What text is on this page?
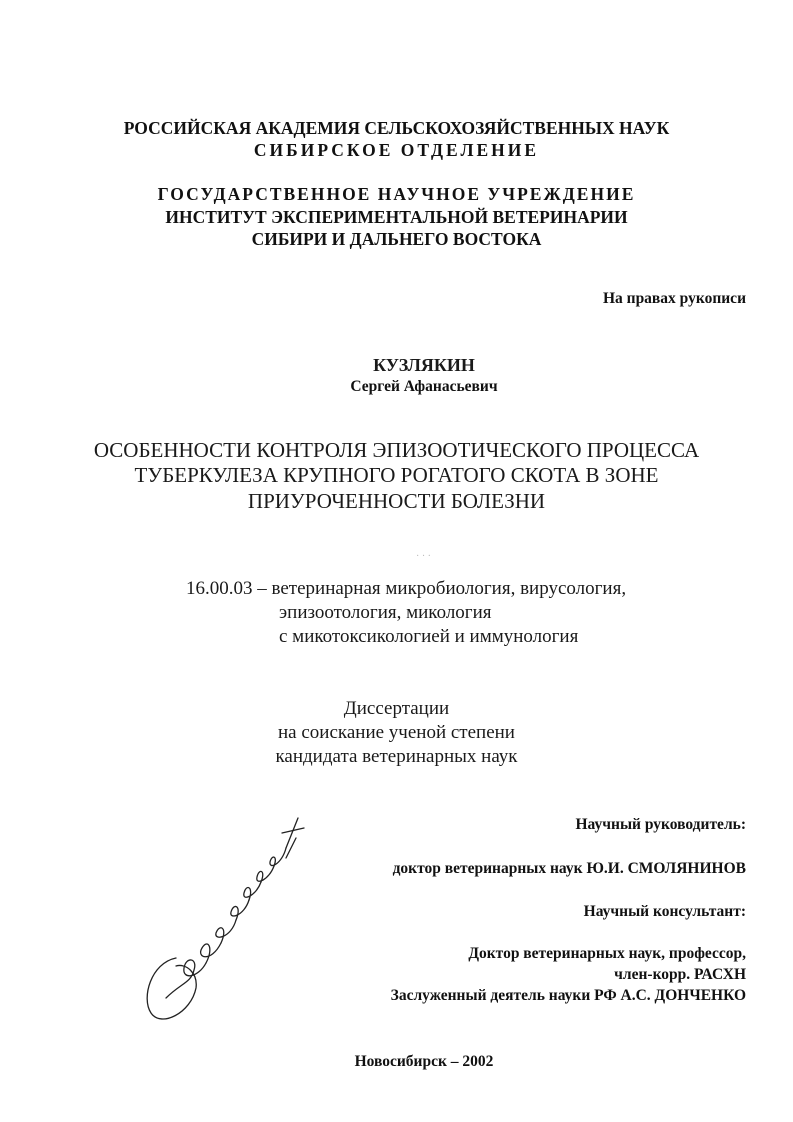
РОССИЙСКАЯ АКАДЕМИЯ СЕЛЬСКОХОЗЯЙСТВЕННЫХ НАУК
СИБИРСКОЕ ОТДЕЛЕНИЕ
ГОСУДАРСТВЕННОЕ НАУЧНОЕ УЧРЕЖДЕНИЕ
ИНСТИТУТ ЭКСПЕРИМЕНТАЛЬНОЙ ВЕТЕРИНАРИИ
СИБИРИ И ДАЛЬНЕГО ВОСТОКА
На правах рукописи
КУЗЛЯКИН
Сергей Афанасьевич
ОСОБЕННОСТИ КОНТРОЛЯ ЭПИЗООТИЧЕСКОГО ПРОЦЕССА
ТУБЕРКУЛЕЗА КРУПНОГО РОГАТОГО СКОТА В ЗОНЕ
ПРИУРОЧЕННОСТИ БОЛЕЗНИ
· · ·
16.00.03 – ветеринарная микробиология, вирусология,
эпизоотология, микология
с микотоксикологией и иммунология
Диссертации
на соискание ученой степени
кандидата ветеринарных наук
Научный руководитель:
доктор ветеринарных наук Ю.И. СМОЛЯНИНОВ
Научный консультант:
Доктор ветеринарных наук, профессор,
член-корр. РАСХН
Заслуженный деятель науки РФ А.С. ДОНЧЕНКО
Новосибирск – 2002
